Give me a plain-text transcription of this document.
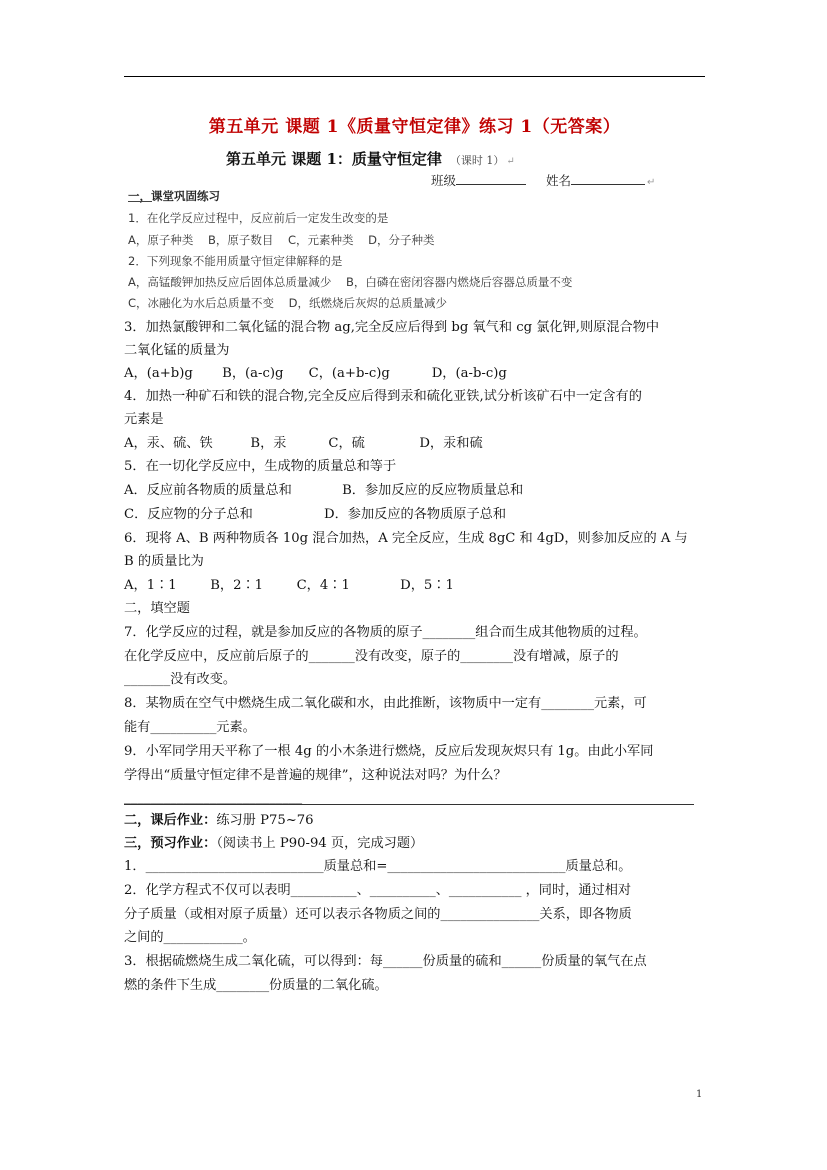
第五单元 课题 1《质量守恒定律》练习 1（无答案）
第五单元 课题 1：质量守恒定律 （课时 1） ↵
班级	姓名	↵
一，课堂巩固练习
1．在化学反应过程中，反应前后一定发生改变的是
A，原子种类    B，原子数目    C，元素种类    D，分子种类
2．下列现象不能用质量守恒定律解释的是
A，高锰酸钾加热反应后固体总质量减少    B，白磷在密闭容器内燃烧后容器总质量不变
C，冰融化为水后总质量不变    D，纸燃烧后灰烬的总质量减少
3．加热氯酸钾和二氧化锰的混合物 ag,完全反应后得到 bg 氧气和 cg 氯化钾,则原混合物中
二氧化锰的质量为
A，(a+b)g       B，(a-c)g      C，(a+b-c)g          D，(a-b-c)g
4．加热一种矿石和铁的混合物,完全反应后得到汞和硫化亚铁,试分析该矿石中一定含有的
元素是
A，汞、硫、铁         B，汞          C，硫             D，汞和硫
5．在一切化学反应中，生成物的质量总和等于
A．反应前各物质的质量总和            B．参加反应的反应物质量总和
C．反应物的分子总和                 D．参加反应的各物质原子总和
6．现将 A、B 两种物质各 10g 混合加热，A 完全反应，生成 8gC 和 4gD，则参加反应的 A 与
B 的质量比为
A，1∶1        B，2∶1        C，4∶1            D，5∶1
二，填空题
7．化学反应的过程，就是参加反应的各物质的原子________组合而生成其他物质的过程。
在化学反应中，反应前后原子的_______没有改变，原子的________没有增减，原子的
_______没有改变。
8．某物质在空气中燃烧生成二氧化碳和水，由此推断，该物质中一定有________元素，可
能有__________元素。
9．小军同学用天平称了一根 4g 的小木条进行燃烧，反应后发现灰烬只有 1g。由此小军同
学得出“质量守恒定律不是普遍的规律”，这种说法对吗？为什么？
___________________________
二，课后作业：练习册 P75~76
三，预习作业：（阅读书上 P90-94 页，完成习题）
1．___________________________质量总和=___________________________质量总和。
2．化学方程式不仅可以表明__________、__________、___________ ，同时，通过相对
分子质量（或相对原子质量）还可以表示各物质之间的_______________关系，即各物质
之间的____________。
3．根据硫燃烧生成二氧化硫，可以得到：每______份质量的硫和______份质量的氧气在点
燃的条件下生成________份质量的二氧化硫。
1
